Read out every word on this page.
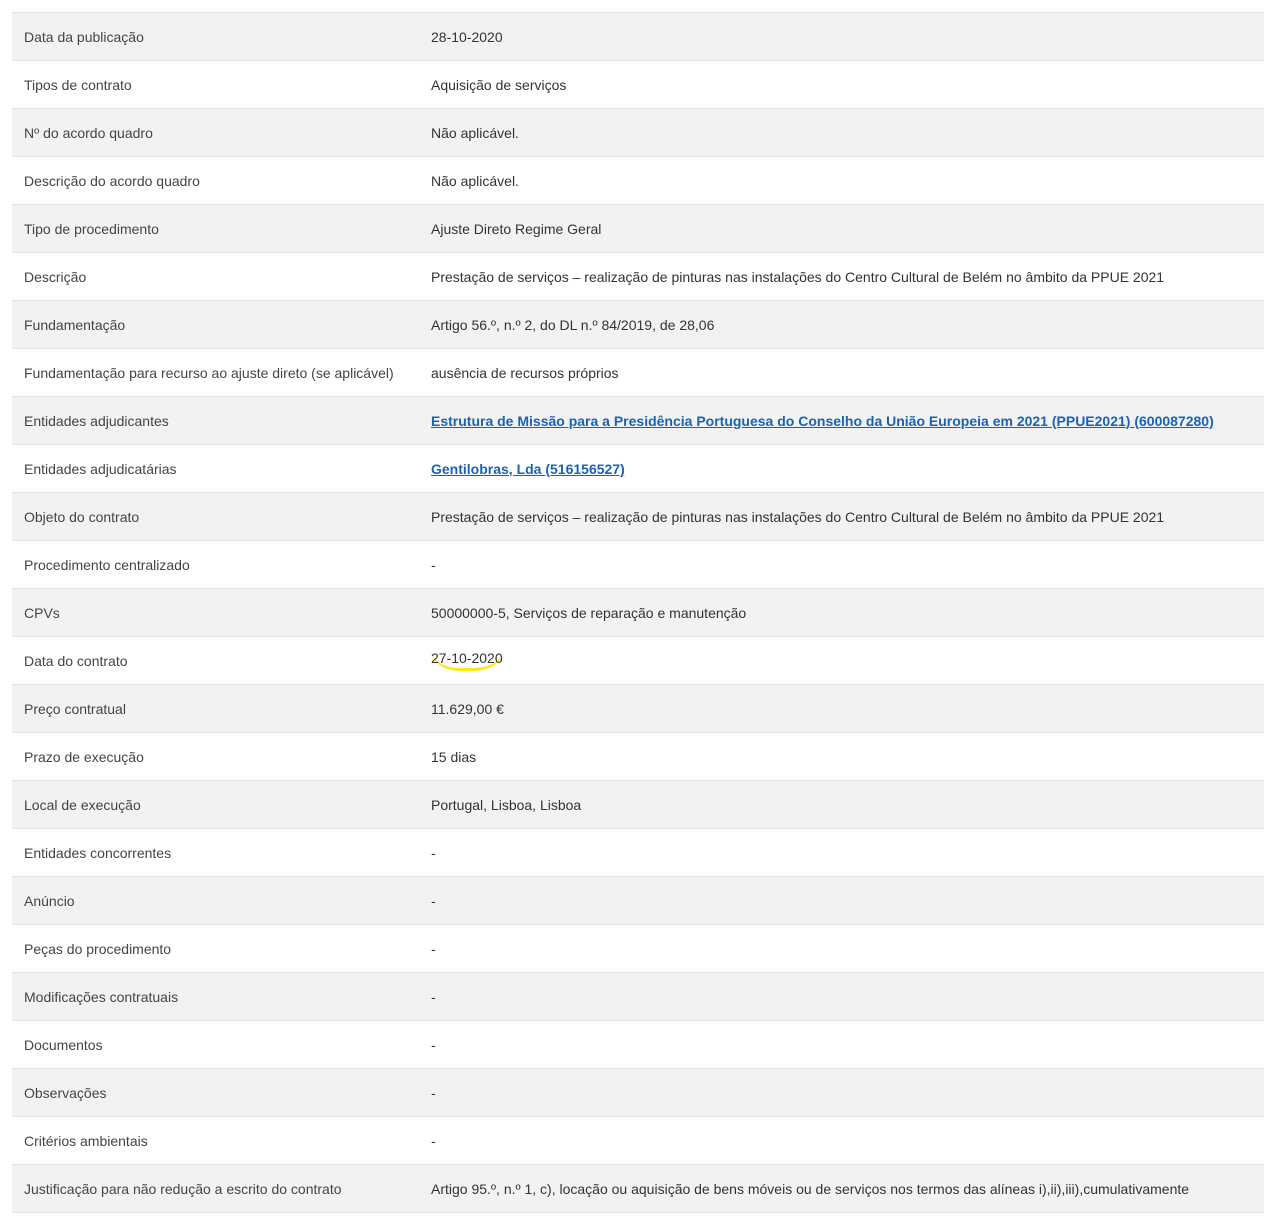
Data da publicação	28-10-2020
Tipos de contrato	Aquisição de serviços
Nº do acordo quadro	Não aplicável.
Descrição do acordo quadro	Não aplicável.
Tipo de procedimento	Ajuste Direto Regime Geral
Descrição	Prestação de serviços – realização de pinturas nas instalações do Centro Cultural de Belém no âmbito da PPUE 2021
Fundamentação	Artigo 56.º, n.º 2, do DL n.º 84/2019, de 28,06
Fundamentação para recurso ao ajuste direto (se aplicável)	ausência de recursos próprios
Entidades adjudicantes	Estrutura de Missão para a Presidência Portuguesa do Conselho da União Europeia em 2021 (PPUE2021) (600087280)
Entidades adjudicatárias	Gentilobras, Lda (516156527)
Objeto do contrato	Prestação de serviços – realização de pinturas nas instalações do Centro Cultural de Belém no âmbito da PPUE 2021
Procedimento centralizado	-
CPVs	50000000-5, Serviços de reparação e manutenção
Data do contrato	27-10-2020
Preço contratual	11.629,00 €
Prazo de execução	15 dias
Local de execução	Portugal, Lisboa, Lisboa
Entidades concorrentes	-
Anúncio	-
Peças do procedimento	-
Modificações contratuais	-
Documentos	-
Observações	-
Critérios ambientais	-
Justificação para não redução a escrito do contrato	Artigo 95.º, n.º 1, c), locação ou aquisição de bens móveis ou de serviços nos termos das alíneas i),ii),iii),cumulativamente
